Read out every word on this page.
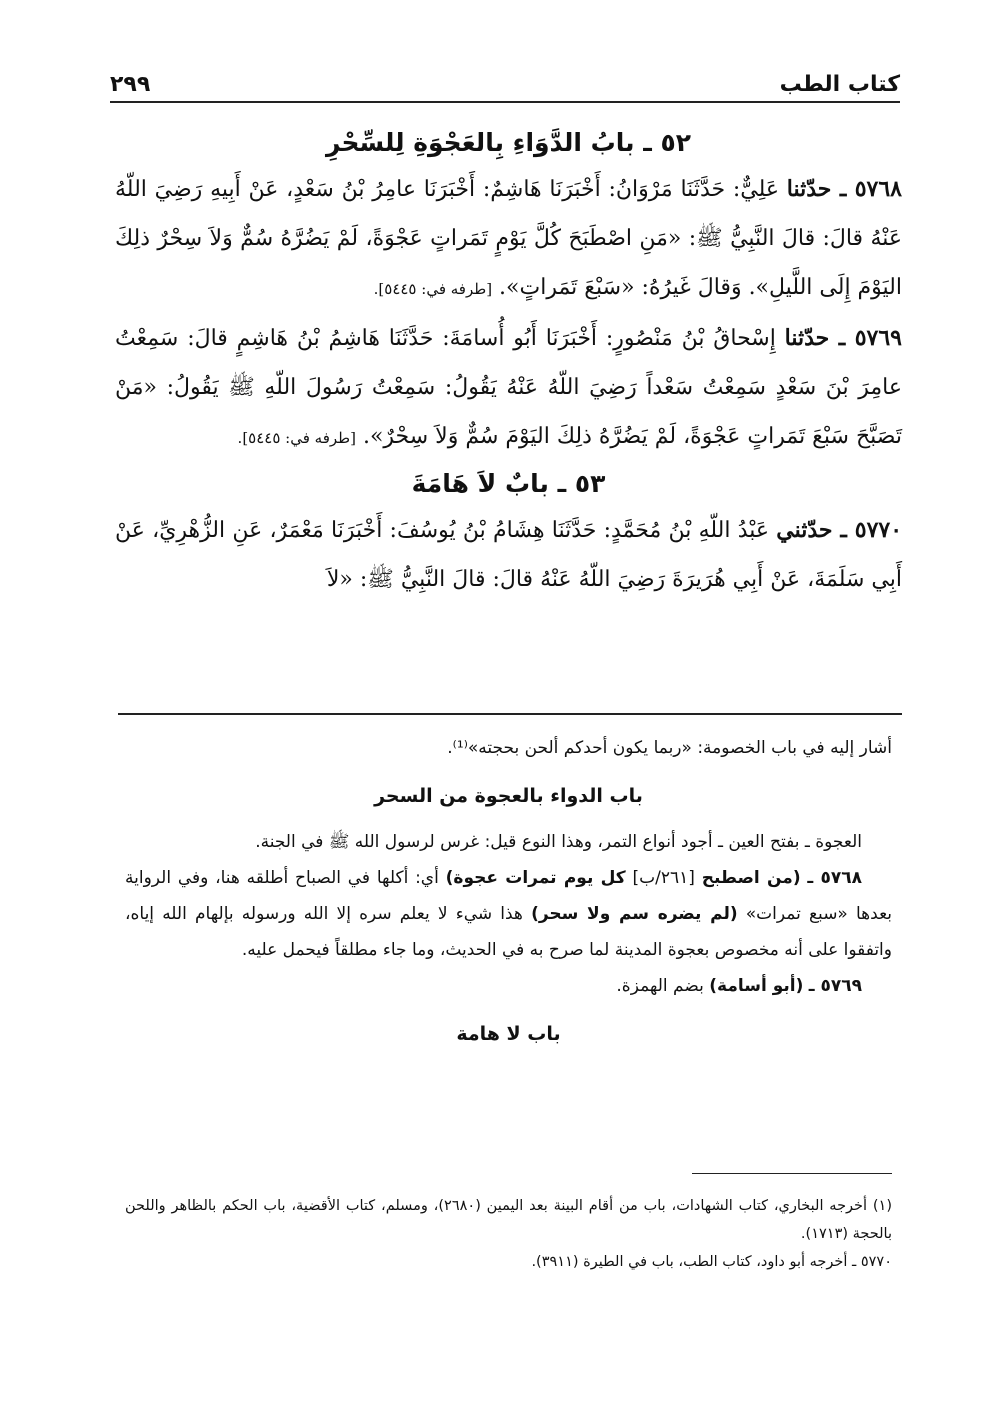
كتاب الطب
٢٩٩
٥٢ ـ بابُ الدَّوَاءِ بِالعَجْوَةِ لِلسِّحْرِ

٥٧٦٨ ـ حدّثنا عَلِيٌّ: حَدَّثَنَا مَرْوَانُ: أَخْبَرَنَا هَاشِمٌ: أَخْبَرَنَا عامِرُ بْنُ سَعْدٍ، عَنْ أَبِيهِ رَضِيَ اللّهُ عَنْهُ قالَ: قالَ النَّبِيُّ ﷺ: «مَنِ اصْطَبَحَ كُلَّ يَوْمٍ تَمَراتٍ عَجْوَةً، لَمْ يَضُرَّهُ سُمٌّ وَلاَ سِحْرٌ ذلِكَ اليَوْمَ إِلَى اللَّيلِ». وَقالَ غَيرُهُ: «سَبْعَ تَمَراتٍ». [طرفه في: ٥٤٤٥].

٥٧٦٩ ـ حدّثنا إِسْحاقُ بْنُ مَنْصُورٍ: أَخْبَرَنَا أَبُو أُسامَةَ: حَدَّثَنَا هَاشِمُ بْنُ هَاشِمٍ قالَ: سَمِعْتُ عامِرَ بْنَ سَعْدٍ سَمِعْتُ سَعْداً رَضِيَ اللّهُ عَنْهُ يَقُولُ: سَمِعْتُ رَسُولَ اللّهِ ﷺ يَقُولُ: «مَنْ تَصَبَّحَ سَبْعَ تَمَراتٍ عَجْوَةً، لَمْ يَضُرَّهُ ذلِكَ اليَوْمَ سُمٌّ وَلاَ سِحْرٌ». [طرفه في: ٥٤٤٥].

٥٣ ـ بابٌ لاَ هَامَةَ

٥٧٧٠ ـ حدّثني عَبْدُ اللّهِ بْنُ مُحَمَّدٍ: حَدَّثَنَا هِشَامُ بْنُ يُوسُفَ: أَخْبَرَنَا مَعْمَرٌ، عَنِ الزُّهْرِيِّ، عَنْ أَبِي سَلَمَةَ، عَنْ أَبِي هُرَيرَةَ رَضِيَ اللّهُ عَنْهُ قالَ: قالَ النَّبِيُّ ﷺ: «لاَ

أشار إليه في باب الخصومة: «ربما يكون أحدكم ألحن بحجته»⁽¹⁾.

باب الدواء بالعجوة من السحر

العجوة ـ بفتح العين ـ أجود أنواع التمر، وهذا النوع قيل: غرس لرسول الله ﷺ في الجنة.

٥٧٦٨ ـ (من اصطبح [٢٦١/ب] كل يوم تمرات عجوة) أي: أكلها في الصباح أطلقه هنا، وفي الرواية بعدها «سبع تمرات» (لم يضره سم ولا سحر) هذا شيء لا يعلم سره إلا الله ورسوله بإلهام الله إياه، واتفقوا على أنه مخصوص بعجوة المدينة لما صرح به في الحديث، وما جاء مطلقاً فيحمل عليه.

٥٧٦٩ ـ (أبو أسامة) بضم الهمزة.

باب لا هامة

(١) أخرجه البخاري، كتاب الشهادات، باب من أقام البينة بعد اليمين (٢٦٨٠)، ومسلم، كتاب الأقضية، باب الحكم بالظاهر واللحن بالحجة (١٧١٣).

٥٧٧٠ ـ أخرجه أبو داود، كتاب الطب، باب في الطيرة (٣٩١١).
